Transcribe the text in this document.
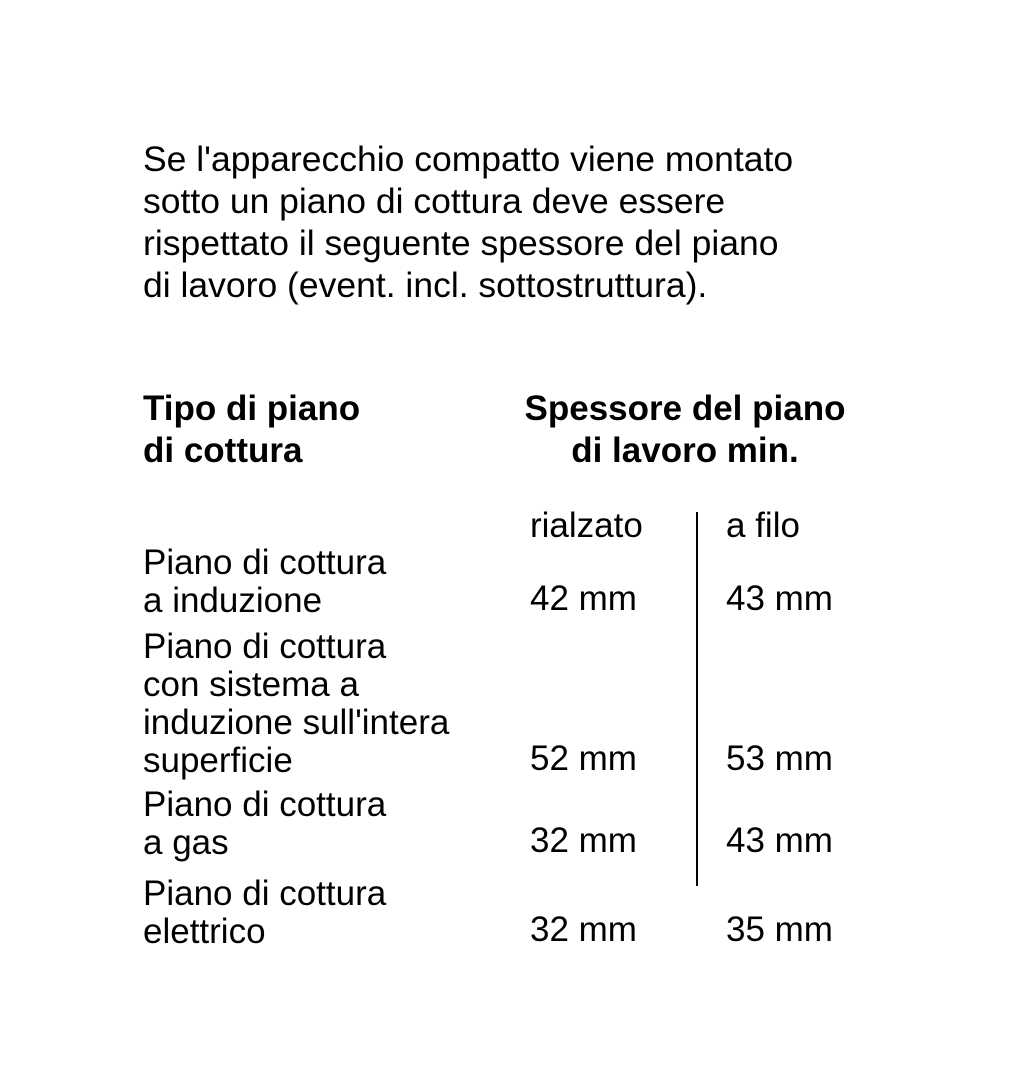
Se l'apparecchio compatto viene montato
sotto un piano di cottura deve essere
rispettato il seguente spessore del piano
di lavoro (event. incl. sottostruttura).

Tipo di piano
di cottura
Spessore del piano
di lavoro min.
rialzato a filo
Piano di cottura
a induzione	42 mm	43 mm
Piano di cottura
con sistema a
induzione sull'intera
superficie	52 mm	53 mm
Piano di cottura
a gas	32 mm	43 mm
Piano di cottura
elettrico	32 mm	35 mm
